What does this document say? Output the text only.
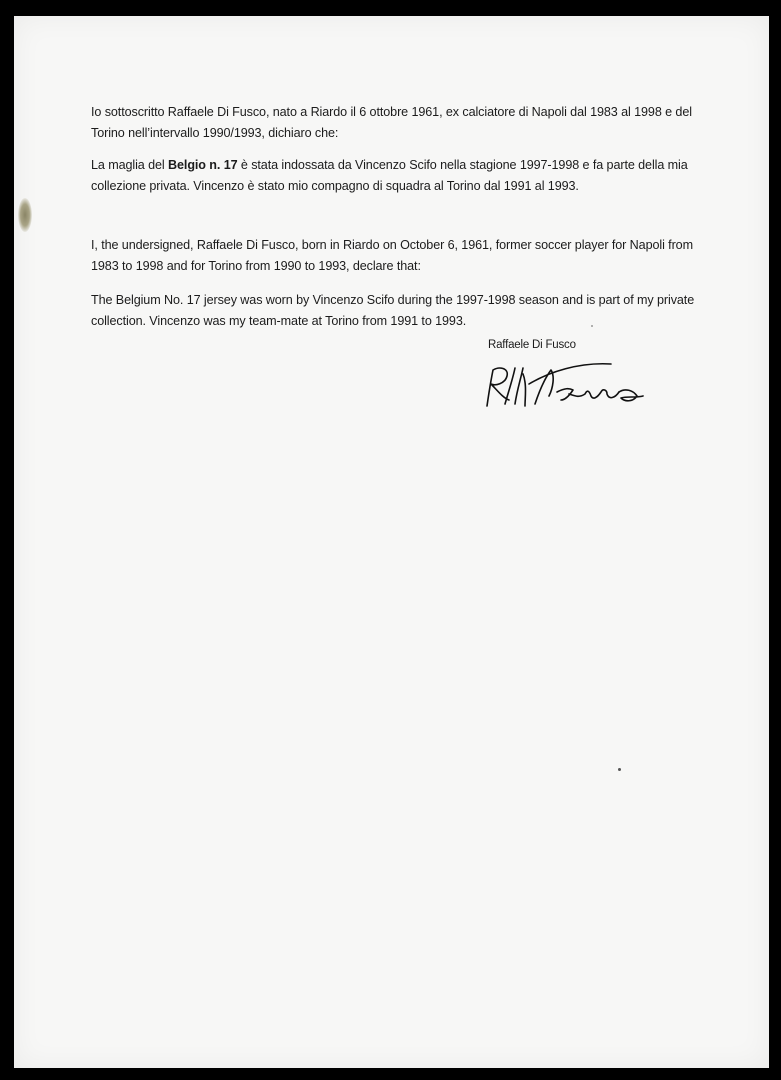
Io sottoscritto Raffaele Di Fusco, nato a Riardo il 6 ottobre 1961, ex calciatore di Napoli dal 1983 al 1998 e del Torino nell’intervallo 1990/1993, dichiaro che:

La maglia del Belgio n. 17 è stata indossata da Vincenzo Scifo nella stagione 1997-1998 e fa parte della mia collezione privata. Vincenzo è stato mio compagno di squadra al Torino dal 1991 al 1993.

I, the undersigned, Raffaele Di Fusco, born in Riardo on October 6, 1961, former soccer player for Napoli from 1983 to 1998 and for Torino from 1990 to 1993, declare that:

The Belgium No. 17 jersey was worn by Vincenzo Scifo during the 1997-1998 season and is part of my private collection. Vincenzo was my team-mate at Torino from 1991 to 1993.

Raffaele Di Fusco
